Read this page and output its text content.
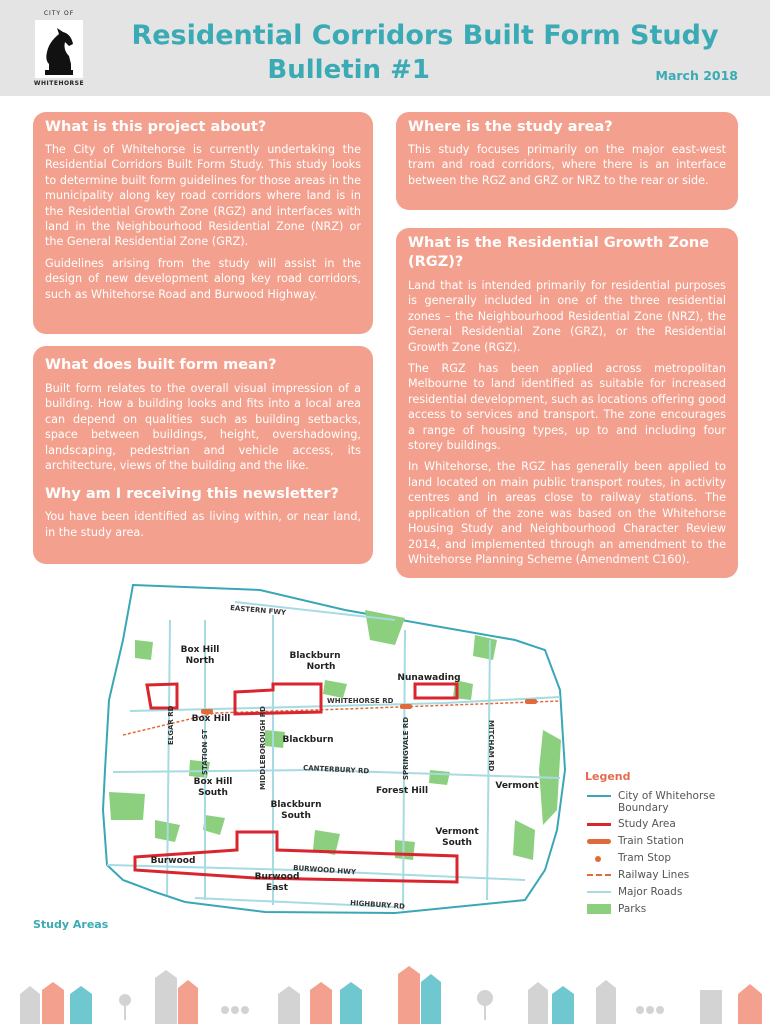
CITY OF
WHITEHORSE
Residential Corridors Built Form Study
Bulletin #1	March 2018
What is this project about?

The City of Whitehorse is currently undertaking the Residential Corridors Built Form Study. This study looks to determine built form guidelines for those areas in the municipality along key road corridors where land is in the Residential Growth Zone (RGZ) and interfaces with land in the Neighbourhood Residential Zone (NRZ) or the General Residential Zone (GRZ).

Guidelines arising from the study will assist in the design of new development along key road corridors, such as Whitehorse Road and Burwood Highway.

What does built form mean?

Built form relates to the overall visual impression of a building. How a building looks and fits into a local area can depend on qualities such as building setbacks, space between buildings, height, overshadowing, landscaping, pedestrian and vehicle access, its architecture, views of the building and the like.

Why am I receiving this newsletter?

You have been identified as living within, or near land, in the study area.

Where is the study area?

This study focuses primarily on the major east-west tram and road corridors, where there is an interface between the RGZ and GRZ or NRZ to the rear or side.

What is the Residential Growth Zone (RGZ)?

Land that is intended primarily for residential purposes is generally included in one of the three residential zones – the Neighbourhood Residential Zone (NRZ), the General Residential Zone (GRZ), or the Residential Growth Zone (RGZ).

The RGZ has been applied across metropolitan Melbourne to land identified as suitable for increased residential development, such as locations offering good access to services and transport. The zone encourages a range of housing types, up to and including four storey buildings.

In Whitehorse, the RGZ has generally been applied to land located on main public transport routes, in activity centres and in areas close to railway stations. The application of the zone was based on the Whitehorse Housing Study and Neighbourhood Character Review 2014, and implemented through an amendment to the Whitehorse Planning Scheme (Amendment C160).

EASTERN FWY
WHITEHORSE RD
CANTERBURY RD
BURWOOD HWY
HIGHBURY RD
ELGAR RD
STATION ST	MIDDLEBOROUGH RD	SPRINGVALE RD	MITCHAM RD
Box Hill
North	Blackburn
North
Nunawading
Box Hill
Blackburn
Box Hill
South	Forest Hill	Vermont
Blackburn
South
Vermont
South
Burwood
Burwood
East
Legend
City of Whitehorse
Boundary
Study Area
Train Station
Tram Stop
Railway Lines
Major Roads
Parks
Study Areas
